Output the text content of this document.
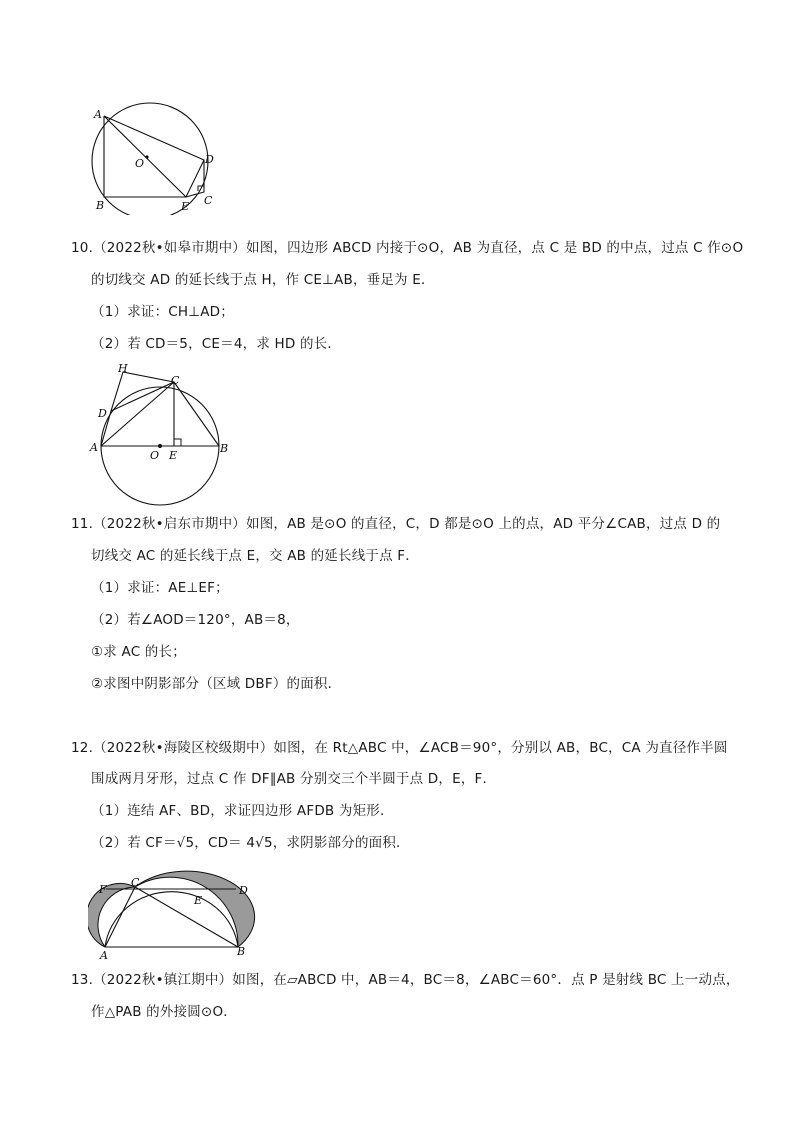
A
O	D
B	E C
10.（2022秋•如皋市期中）如图，四边形 ABCD 内接于⊙O，AB 为直径，点 C 是 BD 的中点，过点 C 作⊙O
的切线交 AD 的延长线于点 H，作 CE⊥AB，垂足为 E．
（1）求证：CH⊥AD；
（2）若 CD＝5，CE＝4，求 HD 的长．
H
C
D
A
O E
B
11.（2022秋•启东市期中）如图，AB 是⊙O 的直径，C，D 都是⊙O 上的点，AD 平分∠CAB，过点 D 的
切线交 AC 的延长线于点 E，交 AB 的延长线于点 F．
（1）求证：AE⊥EF；
（2）若∠AOD＝120°，AB＝8，
①求 AC 的长；
②求图中阴影部分（区域 DBF）的面积．
12.（2022秋•海陵区校级期中）如图，在 Rt△ABC 中，∠ACB＝90°，分别以 AB，BC，CA 为直径作半圆
围成两月牙形，过点 C 作 DF∥AB 分别交三个半圆于点 D，E，F．
（1）连结 AF、BD，求证四边形 AFDB 为矩形．
（2）若 CF＝√5，CD＝ 4√5，求阴影部分的面积．
F
C
D
E
A	B
13.（2022秋•镇江期中）如图，在▱ABCD 中，AB＝4，BC＝8，∠ABC＝60°．点 P 是射线 BC 上一动点，
作△PAB 的外接圆⊙O．
